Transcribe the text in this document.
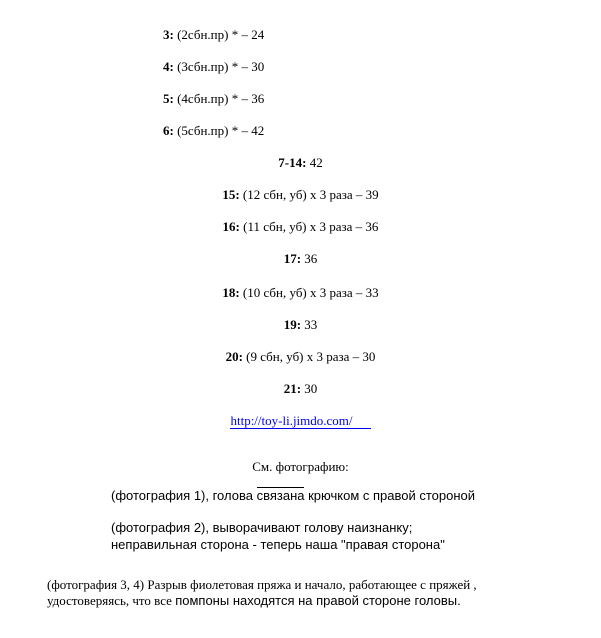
3: (2сбн.пр) * – 24
4: (3сбн.пр) * – 30
5: (4сбн.пр) * – 36
6: (5сбн.пр) * – 42
7-14: 42
15: (12 сбн, уб) х 3 раза – 39
16: (11 сбн, уб) х 3 раза – 36
17: 36
18: (10 сбн, уб) х 3 раза – 33
19: 33
20: (9 сбн, уб) х 3 раза – 30
21: 30
http://toy-li.jimdo.com/
См. фотографию:
(фотография 1), голова связана крючком с правой стороной
(фотография 2), выворачивают голову наизнанку;
неправильная сторона - теперь наша "правая сторона"
(фотография 3, 4) Разрыв фиолетовая пряжа и начало, работающее с пряжей ,
удостоверяясь, что все помпоны находятся на правой стороне головы.
